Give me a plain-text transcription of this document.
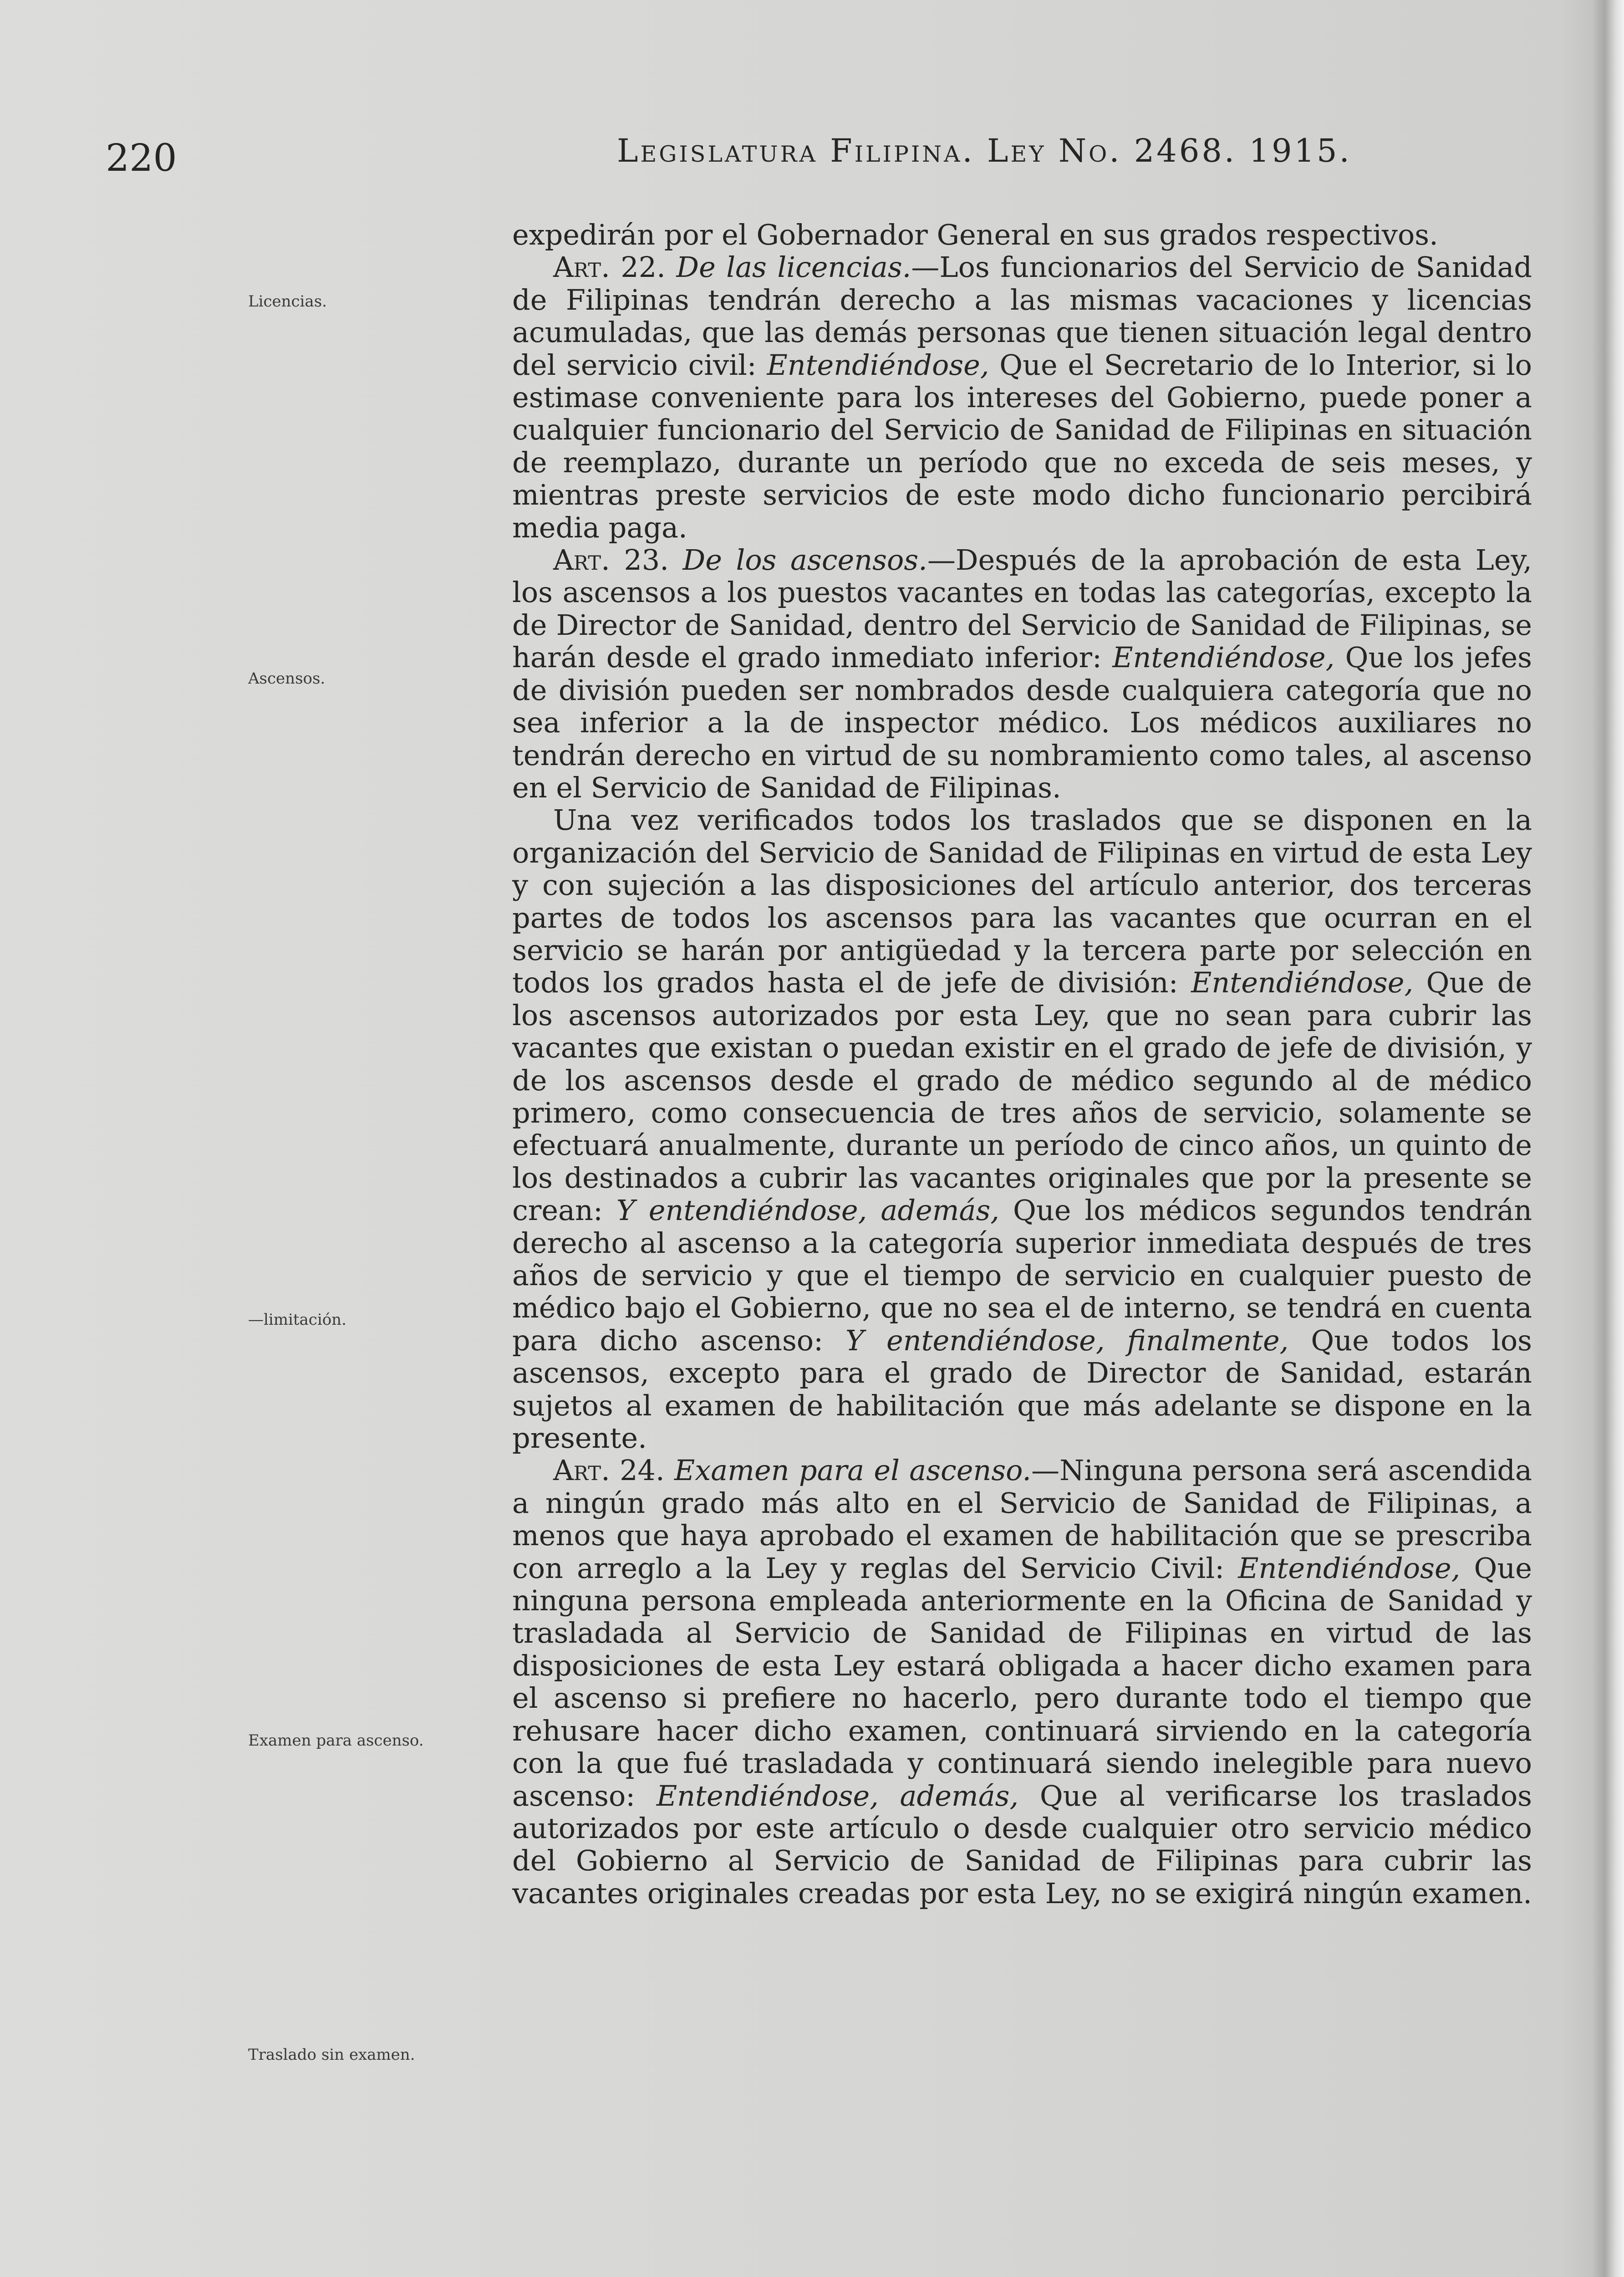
220	Legislatura Filipina. Ley No. 2468. 1915.
Licencias.
Ascensos.
—limitación.
Examen para ascenso.
Traslado sin examen.

expedirán por el Gobernador General en sus grados respectivos.

Art. 22. De las licencias.—Los funcionarios del Servicio de Sanidad de Filipinas tendrán derecho a las mismas vacaciones y licencias acumuladas, que las demás personas que tienen situación legal dentro del servicio civil: Entendiéndose, Que el Secretario de lo Interior, si lo estimase conveniente para los intereses del Gobierno, puede poner a cualquier funcionario del Servicio de Sanidad de Filipinas en situación de reemplazo, durante un período que no exceda de seis meses, y mientras preste servicios de este modo dicho funcionario percibirá media paga.

Art. 23. De los ascensos.—Después de la aprobación de esta Ley, los ascensos a los puestos vacantes en todas las categorías, excepto la de Director de Sanidad, dentro del Servicio de Sanidad de Filipinas, se harán desde el grado inmediato inferior: Entendiéndose, Que los jefes de división pueden ser nombrados desde cualquiera categoría que no sea inferior a la de inspector médico. Los médicos auxiliares no tendrán derecho en virtud de su nombramiento como tales, al ascenso en el Servicio de Sanidad de Filipinas.

Una vez verificados todos los traslados que se disponen en la organización del Servicio de Sanidad de Filipinas en virtud de esta Ley y con sujeción a las disposiciones del artículo anterior, dos terceras partes de todos los ascensos para las vacantes que ocurran en el servicio se harán por antigüedad y la tercera parte por selección en todos los grados hasta el de jefe de división: Entendiéndose, Que de los ascensos autorizados por esta Ley, que no sean para cubrir las vacantes que existan o puedan existir en el grado de jefe de división, y de los ascensos desde el grado de médico segundo al de médico primero, como consecuencia de tres años de servicio, solamente se efectuará anualmente, durante un período de cinco años, un quinto de los destinados a cubrir las vacantes originales que por la presente se crean: Y entendiéndose, además, Que los médicos segundos tendrán derecho al ascenso a la categoría superior inmediata después de tres años de servicio y que el tiempo de servicio en cualquier puesto de médico bajo el Gobierno, que no sea el de interno, se tendrá en cuenta para dicho ascenso: Y entendiéndose, finalmente, Que todos los ascensos, excepto para el grado de Director de Sanidad, estarán sujetos al examen de habilitación que más adelante se dispone en la presente.

Art. 24. Examen para el ascenso.—Ninguna persona será ascendida a ningún grado más alto en el Servicio de Sanidad de Filipinas, a menos que haya aprobado el examen de habilitación que se prescriba con arreglo a la Ley y reglas del Servicio Civil: Entendiéndose, Que ninguna persona empleada anteriormente en la Oficina de Sanidad y trasladada al Servicio de Sanidad de Filipinas en virtud de las disposiciones de esta Ley estará obligada a hacer dicho examen para el ascenso si prefiere no hacerlo, pero durante todo el tiempo que rehusare hacer dicho examen, continuará sirviendo en la categoría con la que fué trasladada y continuará siendo inelegible para nuevo ascenso: Entendiéndose, además, Que al verificarse los traslados autorizados por este artículo o desde cualquier otro servicio médico del Gobierno al Servicio de Sanidad de Filipinas para cubrir las vacantes originales creadas por esta Ley, no se exigirá ningún examen.
